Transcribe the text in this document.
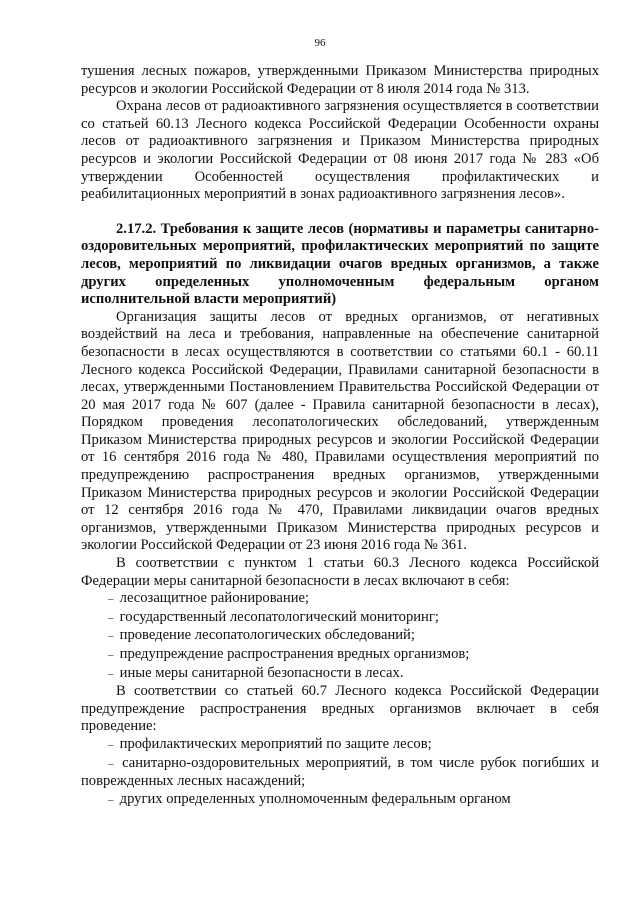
96

тушения лесных пожаров, утвержденными Приказом Министерства природных ресурсов и экологии Российской Федерации от 8 июля 2014 года № 313.

Охрана лесов от радиоактивного загрязнения осуществляется в соответствии со статьей 60.13 Лесного кодекса Российской Федерации Особенности охраны лесов от радиоактивного загрязнения и Приказом Министерства природных ресурсов и экологии Российской Федерации от 08 июня 2017 года № 283 «Об утверждении Особенностей осуществления профилактических и реабилитационных мероприятий в зонах радиоактивного загрязнения лесов».

2.17.2. Требования к защите лесов (нормативы и параметры санитарно-оздоровительных мероприятий, профилактических мероприятий по защите лесов, мероприятий по ликвидации очагов вредных организмов, а также других определенных уполномоченным федеральным органом исполнительной власти мероприятий)

Организация защиты лесов от вредных организмов, от негативных воздействий на леса и требования, направленные на обеспечение санитарной безопасности в лесах осуществляются в соответствии со статьями 60.1 - 60.11 Лесного кодекса Российской Федерации, Правилами санитарной безопасности в лесах, утвержденными Постановлением Правительства Российской Федерации от 20 мая 2017 года № 607 (далее - Правила санитарной безопасности в лесах), Порядком проведения лесопатологических обследований, утвержденным Приказом Министерства природных ресурсов и экологии Российской Федерации от 16 сентября 2016 года № 480, Правилами осуществления мероприятий по предупреждению распространения вредных организмов, утвержденными Приказом Министерства природных ресурсов и экологии Российской Федерации от 12 сентября 2016 года № 470, Правилами ликвидации очагов вредных организмов, утвержденными Приказом Министерства природных ресурсов и экологии Российской Федерации от 23 июня 2016 года № 361.

В соответствии с пунктом 1 статьи 60.3 Лесного кодекса Российской Федерации меры санитарной безопасности в лесах включают в себя:

– лесозащитное районирование;
– государственный лесопатологический мониторинг;
– проведение лесопатологических обследований;
– предупреждение распространения вредных организмов;
– иные меры санитарной безопасности в лесах.

В соответствии со статьей 60.7 Лесного кодекса Российской Федерации предупреждение распространения вредных организмов включает в себя проведение:

– профилактических мероприятий по защите лесов;
– санитарно-оздоровительных мероприятий, в том числе рубок погибших и поврежденных лесных насаждений;
– других определенных уполномоченным федеральным органом
